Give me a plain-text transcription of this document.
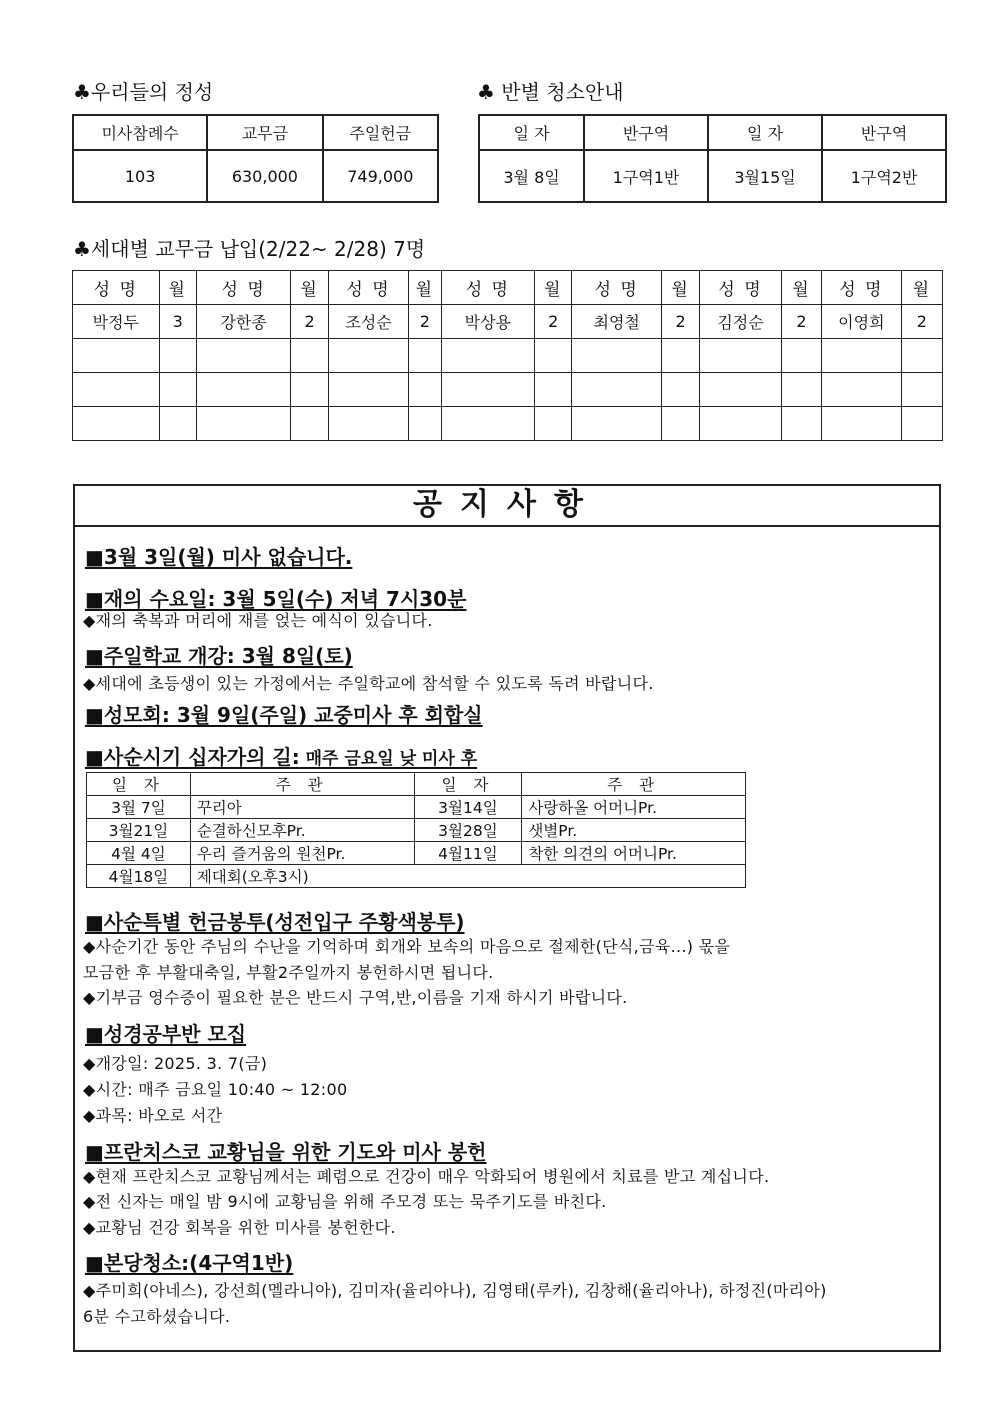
♣우리들의 정성
미사참례수	교무금	주일헌금
103	630,000	749,000
♣ 반별 청소안내
일 자	반구역	일 자	반구역
3월 8일	1구역1반	3월15일	1구역2반
♣세대별 교무금 납입(2/22~ 2/28) 7명
성 명	월	성 명	월	성 명	월	성 명	월	성 명	월	성 명	월	성 명	월
박정두	3	강한종	2	조성순	2	박상용	2	최영철	2	김정순	2	이영희	2

공지사항
■3월 3일(월) 미사 없습니다.
■재의 수요일: 3월 5일(수) 저녁 7시30분
◆재의 축복과 머리에 재를 얹는 예식이 있습니다.
■주일학교 개강: 3월 8일(토)
◆세대에 초등생이 있는 가정에서는 주일학교에 참석할 수 있도록 독려 바랍니다.
■성모회: 3월 9일(주일) 교중미사 후 회합실
■사순시기 십자가의 길: 매주 금요일 낮 미사 후
일 자	주 관	일 자	주 관
3월 7일	꾸리아	3월14일	사랑하올 어머니Pr.
3월21일	순결하신모후Pr.	3월28일	샛별Pr.
4월 4일	우리 즐거움의 원천Pr.	4월11일	착한 의견의 어머니Pr.
4월18일	제대회(오후3시)		
■사순특별 헌금봉투(성전입구 주황색봉투)
◆사순기간 동안 주님의 수난을 기억하며 회개와 보속의 마음으로 절제한(단식,금육...) 몫을
모금한 후 부활대축일, 부활2주일까지 봉헌하시면 됩니다.
◆기부금 영수증이 필요한 분은 반드시 구역,반,이름을 기재 하시기 바랍니다.
■성경공부반 모집
◆개강일: 2025. 3. 7(금)
◆시간: 매주 금요일 10:40 ~ 12:00
◆과목: 바오로 서간
■프란치스코 교황님을 위한 기도와 미사 봉헌
◆현재 프란치스코 교황님께서는 폐렴으로 건강이 매우 악화되어 병원에서 치료를 받고 계십니다.
◆전 신자는 매일 밤 9시에 교황님을 위해 주모경 또는 묵주기도를 바친다.
◆교황님 건강 회복을 위한 미사를 봉헌한다.
■본당청소:(4구역1반)
◆주미희(아네스), 강선희(멜라니아), 김미자(율리아나), 김영태(루카), 김창해(율리아나), 하정진(마리아)
6분 수고하셨습니다.
